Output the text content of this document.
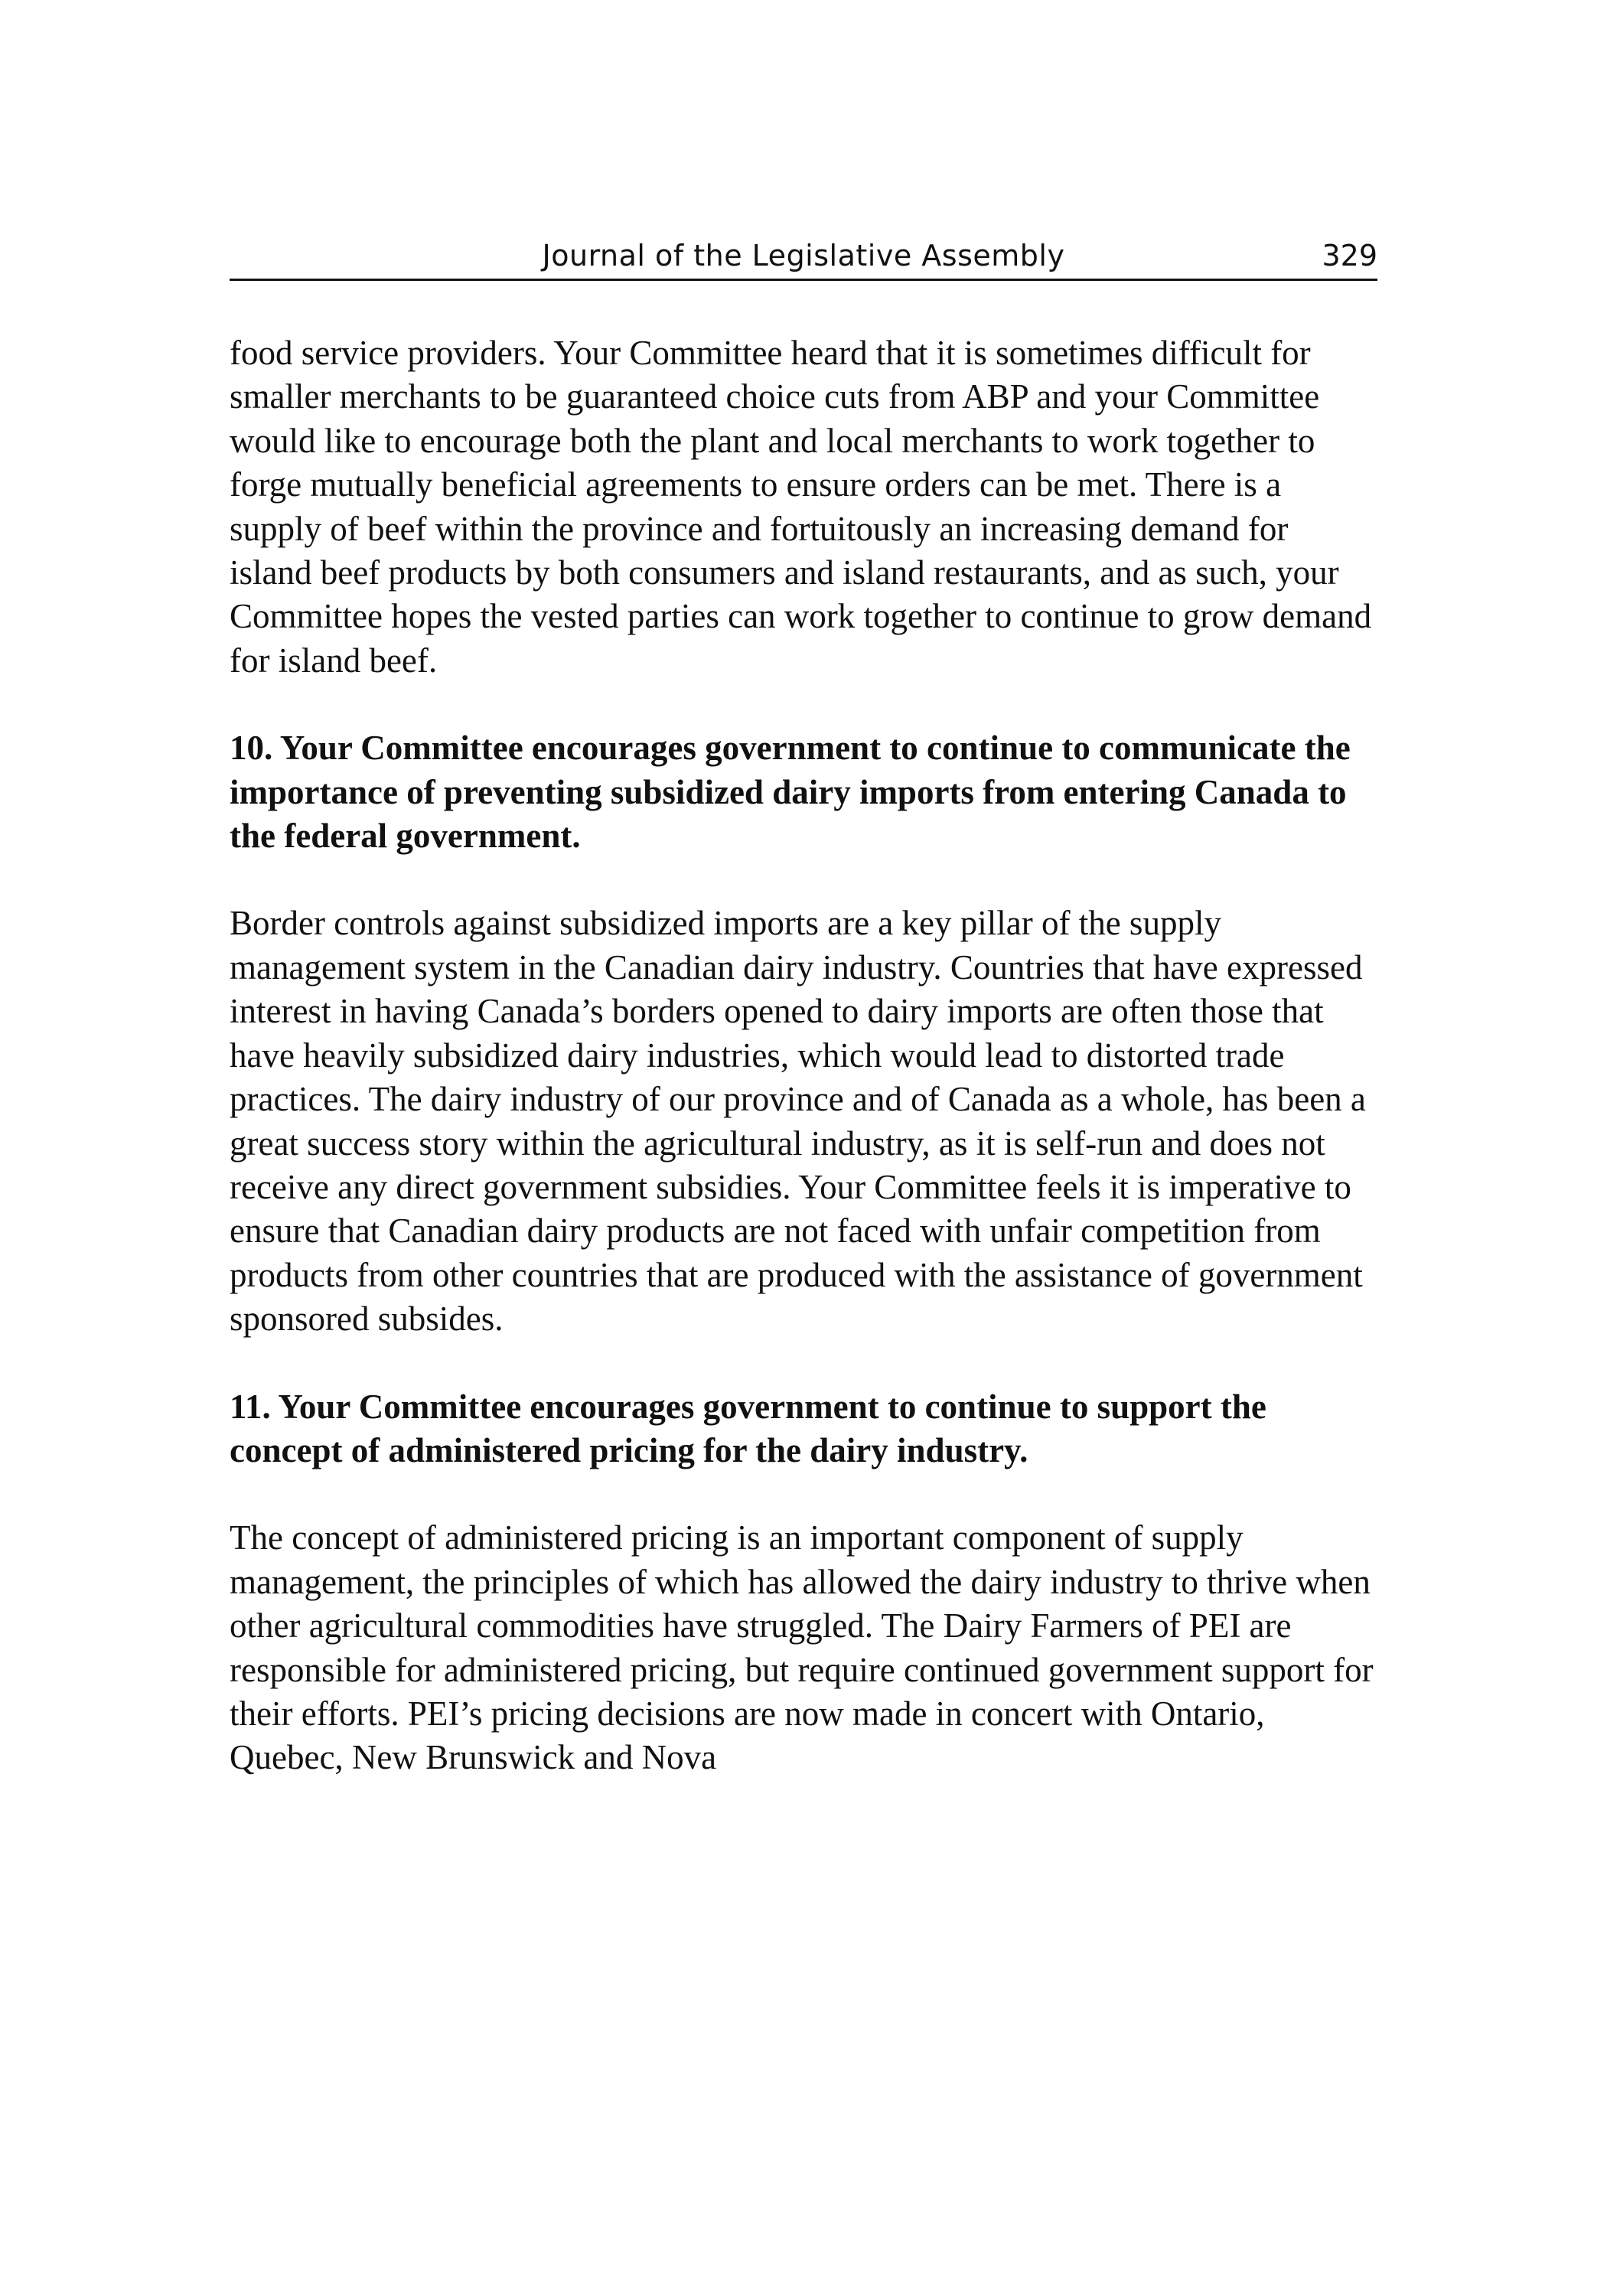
Journal of the Legislative Assembly	329

food service providers. Your Committee heard that it is sometimes difficult for smaller merchants to be guaranteed choice cuts from ABP and your Committee would like to encourage both the plant and local merchants to work together to forge mutually beneficial agreements to ensure orders can be met. There is a supply of beef within the province and fortuitously an increasing demand for island beef products by both consumers and island restaurants, and as such, your Committee hopes the vested parties can work together to continue to grow demand for island beef.

10. Your Committee encourages government to continue to communicate the importance of preventing subsidized dairy imports from entering Canada to the federal government.

Border controls against subsidized imports are a key pillar of the supply management system in the Canadian dairy industry. Countries that have expressed interest in having Canada’s borders opened to dairy imports are often those that have heavily subsidized dairy industries, which would lead to distorted trade practices. The dairy industry of our province and of Canada as a whole, has been a great success story within the agricultural industry, as it is self-run and does not receive any direct government subsidies. Your Committee feels it is imperative to ensure that Canadian dairy products are not faced with unfair competition from products from other countries that are produced with the assistance of government sponsored subsides.

11. Your Committee encourages government to continue to support the concept of administered pricing for the dairy industry.

The concept of administered pricing is an important component of supply management, the principles of which has allowed the dairy industry to thrive when other agricultural commodities have struggled. The Dairy Farmers of PEI are responsible for administered pricing, but require continued government support for their efforts. PEI’s pricing decisions are now made in concert with Ontario, Quebec, New Brunswick and Nova
